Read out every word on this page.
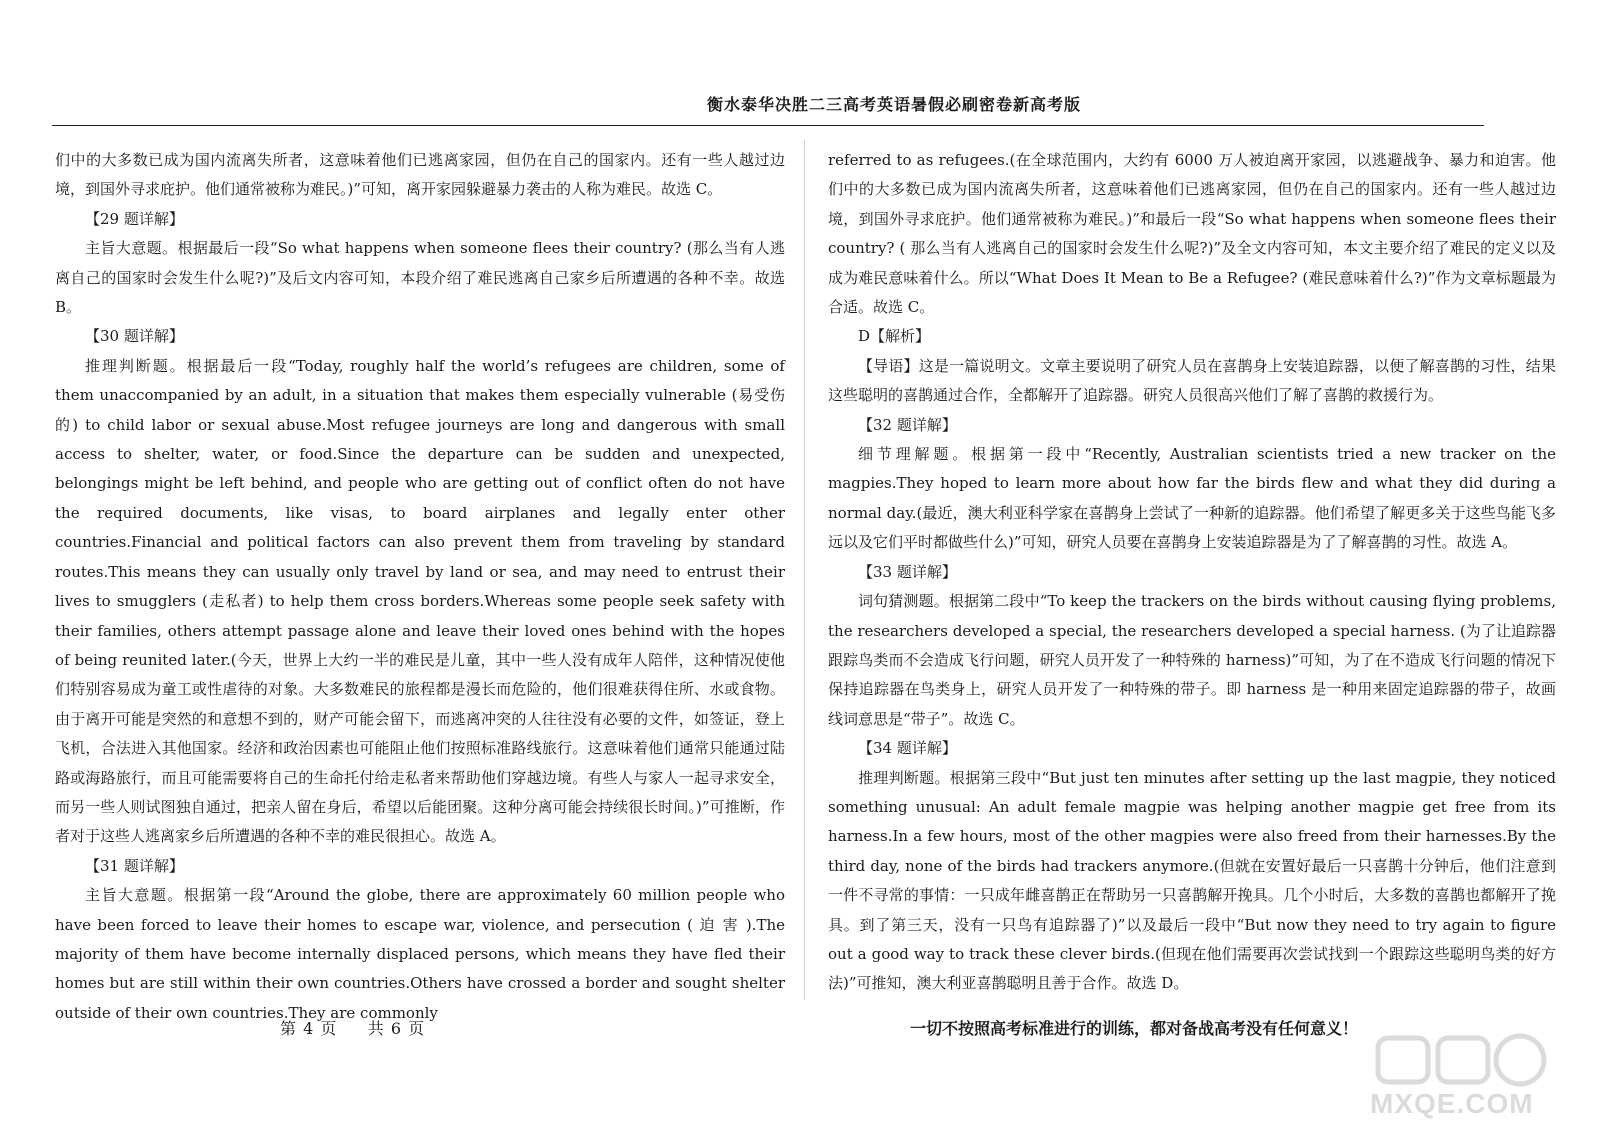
衡水泰华决胜二三高考英语暑假必刷密卷新高考版

们中的大多数已成为国内流离失所者，这意味着他们已逃离家园，但仍在自己的国家内。还有一些人越过边境，到国外寻求庇护。他们通常被称为难民。)”可知，离开家园躲避暴力袭击的人称为难民。故选 C。

【29 题详解】

主旨大意题。根据最后一段“So what happens when someone flees their country? (那么当有人逃离自己的国家时会发生什么呢?)”及后文内容可知，本段介绍了难民逃离自己家乡后所遭遇的各种不幸。故选 B。

【30 题详解】

推理判断题。根据最后一段“Today, roughly half the world’s refugees are children, some of them unaccompanied by an adult, in a situation that makes them especially vulnerable (易受伤的) to child labor or sexual abuse.Most refugee journeys are long and dangerous with small access to shelter, water, or food.Since the departure can be sudden and unexpected, belongings might be left behind, and people who are getting out of conflict often do not have the required documents, like visas, to board airplanes and legally enter other countries.Financial and political factors can also prevent them from traveling by standard routes.This means they can usually only travel by land or sea, and may need to entrust their lives to smugglers (走私者) to help them cross borders.Whereas some people seek safety with their families, others attempt passage alone and leave their loved ones behind with the hopes of being reunited later.(今天，世界上大约一半的难民是儿童，其中一些人没有成年人陪伴，这种情况使他们特别容易成为童工或性虐待的对象。大多数难民的旅程都是漫长而危险的，他们很难获得住所、水或食物。由于离开可能是突然的和意想不到的，财产可能会留下，而逃离冲突的人往往没有必要的文件，如签证，登上飞机，合法进入其他国家。经济和政治因素也可能阻止他们按照标准路线旅行。这意味着他们通常只能通过陆路或海路旅行，而且可能需要将自己的生命托付给走私者来帮助他们穿越边境。有些人与家人一起寻求安全，而另一些人则试图独自通过，把亲人留在身后，希望以后能团聚。这种分离可能会持续很长时间。)”可推断，作者对于这些人逃离家乡后所遭遇的各种不幸的难民很担心。故选 A。

【31 题详解】

主旨大意题。根据第一段“Around the globe, there are approximately 60 million people who have been forced to leave their homes to escape war, violence, and persecution ( 迫 害 ).The majority of them have become internally displaced persons, which means they have fled their homes but are still within their own countries.Others have crossed a border and sought shelter outside of their own countries.They are commonly

referred to as refugees.(在全球范围内，大约有 6000 万人被迫离开家园，以逃避战争、暴力和迫害。他们中的大多数已成为国内流离失所者，这意味着他们已逃离家园，但仍在自己的国家内。还有一些人越过边境，到国外寻求庇护。他们通常被称为难民。)”和最后一段“So what happens when someone flees their country? ( 那么当有人逃离自己的国家时会发生什么呢?)”及全文内容可知，本文主要介绍了难民的定义以及成为难民意味着什么。所以“What Does It Mean to Be a Refugee? (难民意味着什么?)”作为文章标题最为合适。故选 C。

D【解析】

【导语】这是一篇说明文。文章主要说明了研究人员在喜鹊身上安装追踪器，以便了解喜鹊的习性，结果这些聪明的喜鹊通过合作，全都解开了追踪器。研究人员很高兴他们了解了喜鹊的救援行为。

【32 题详解】

细节理解题。根据第一段中“Recently, Australian scientists tried a new tracker on the magpies.They hoped to learn more about how far the birds flew and what they did during a normal day.(最近，澳大利亚科学家在喜鹊身上尝试了一种新的追踪器。他们希望了解更多关于这些鸟能飞多远以及它们平时都做些什么)”可知，研究人员要在喜鹊身上安装追踪器是为了了解喜鹊的习性。故选 A。

【33 题详解】

词句猜测题。根据第二段中“To keep the trackers on the birds without causing flying problems, the researchers developed a special, the researchers developed a special harness. (为了让追踪器跟踪鸟类而不会造成飞行问题，研究人员开发了一种特殊的 harness)”可知，为了在不造成飞行问题的情况下保持追踪器在鸟类身上，研究人员开发了一种特殊的带子。即 harness 是一种用来固定追踪器的带子，故画线词意思是“带子”。故选 C。

【34 题详解】

推理判断题。根据第三段中“But just ten minutes after setting up the last magpie, they noticed something unusual: An adult female magpie was helping another magpie get free from its harness.In a few hours, most of the other magpies were also freed from their harnesses.By the third day, none of the birds had trackers anymore.(但就在安置好最后一只喜鹊十分钟后，他们注意到一件不寻常的事情：一只成年雌喜鹊正在帮助另一只喜鹊解开挽具。几个小时后，大多数的喜鹊也都解开了挽具。到了第三天，没有一只鸟有追踪器了)”以及最后一段中“But now they need to try again to figure out a good way to track these clever birds.(但现在他们需要再次尝试找到一个跟踪这些聪明鸟类的好方法)”可推知，澳大利亚喜鹊聪明且善于合作。故选 D。

第 4 页     共 6 页	一切不按照高考标准进行的训练，都对备战高考没有任何意义！
MXQE.COM
